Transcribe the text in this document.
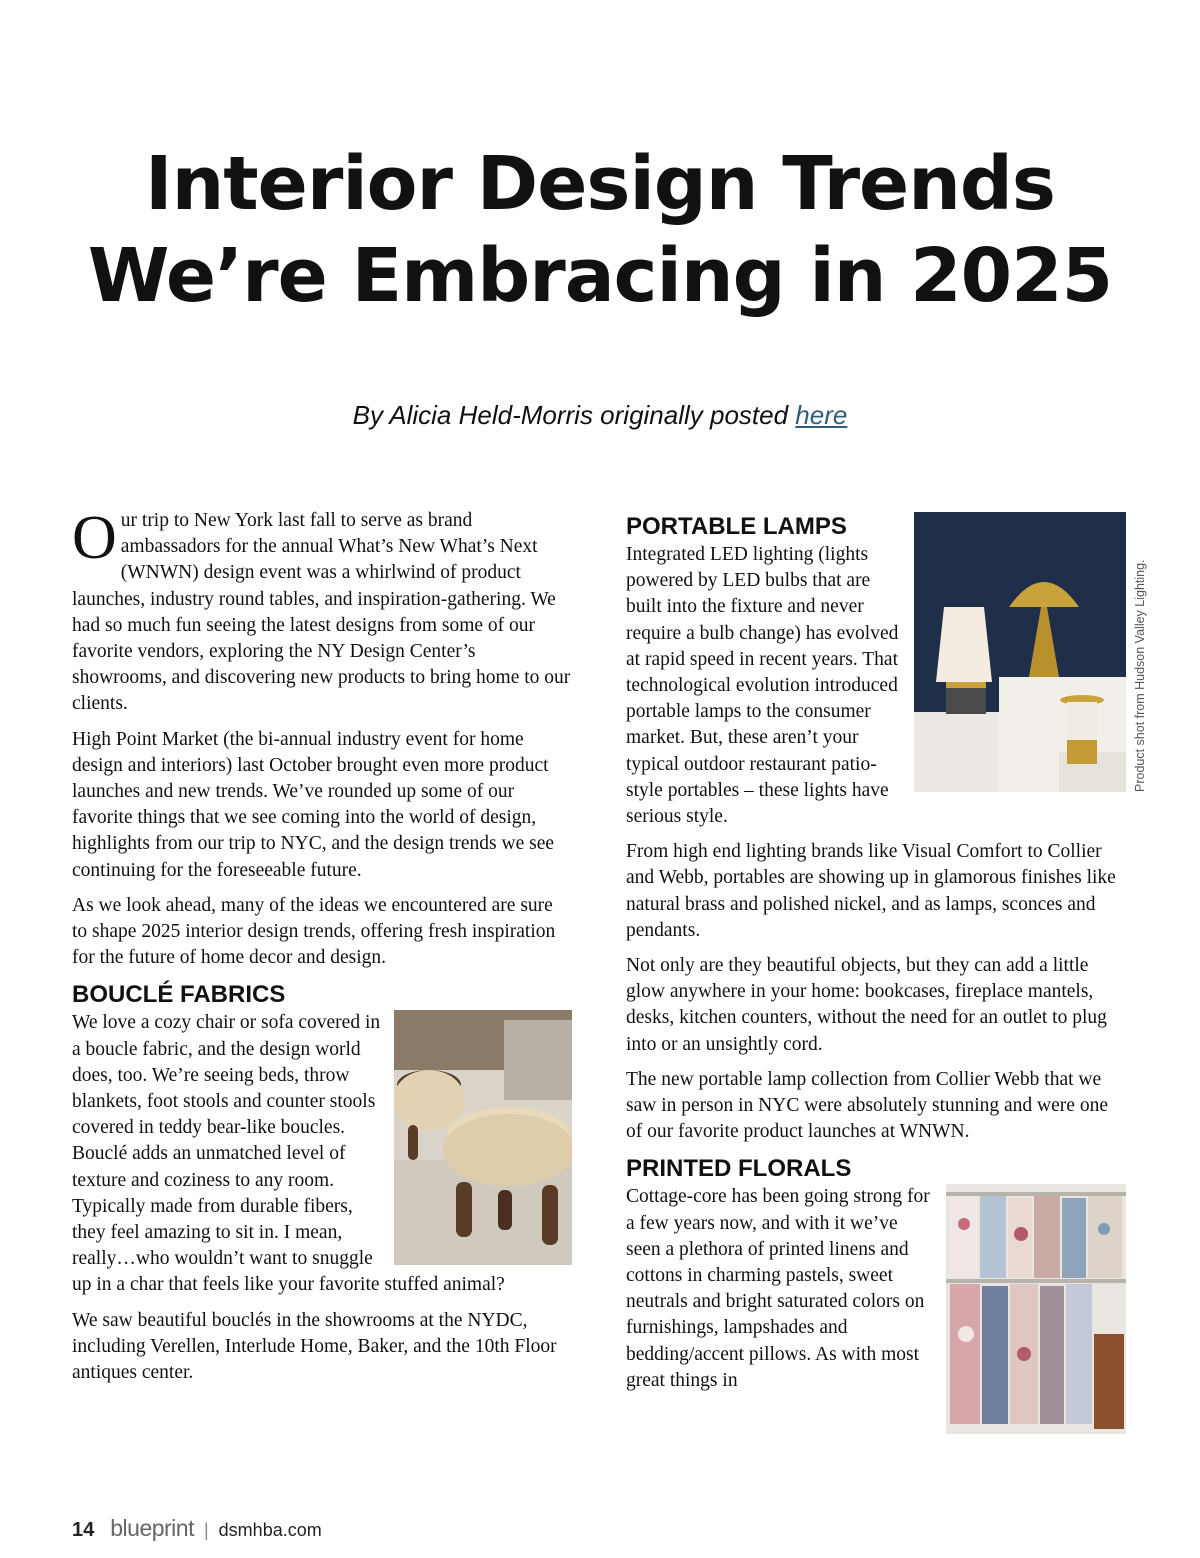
Interior Design Trends
We’re Embracing in 2025
By Alicia Held-Morris originally posted here

Our trip to New York last fall to serve as brand ambassadors for the annual What’s New What’s Next (WNWN) design event was a whirlwind of product launches, industry round tables, and inspiration-gathering. We had so much fun seeing the latest designs from some of our favorite vendors, exploring the NY Design Center’s showrooms, and discovering new products to bring home to our clients.

High Point Market (the bi-annual industry event for home design and interiors) last October brought even more product launches and new trends. We’ve rounded up some of our favorite things that we see coming into the world of design, highlights from our trip to NYC, and the design trends we see continuing for the foreseeable future.

As we look ahead, many of the ideas we encountered are sure to shape 2025 interior design trends, offering fresh inspiration for the future of home decor and design.

BOUCLÉ FABRICS

We love a cozy chair or sofa covered in a boucle fabric, and the design world does, too. We’re seeing beds, throw blankets, foot stools and counter stools covered in teddy bear-like boucles. Bouclé adds an unmatched level of texture and coziness to any room. Typically made from durable fibers, they feel amazing to sit in. I mean, really…who wouldn’t want to snuggle up in a char that feels like your favorite stuffed animal?

We saw beautiful bouclés in the showrooms at the NYDC, including Verellen, Interlude Home, Baker, and the 10th Floor antiques center.

PORTABLE LAMPS

Integrated LED lighting (lights powered by LED bulbs that are built into the fixture and never require a bulb change) has evolved at rapid speed in recent years. That technological evolution introduced portable lamps to the consumer market. But, these aren’t your typical outdoor restaurant patio-style portables – these lights have serious style.

From high end lighting brands like Visual Comfort to Collier and Webb, portables are showing up in glamorous finishes like natural brass and polished nickel, and as lamps, sconces and pendants.

Not only are they beautiful objects, but they can add a little glow anywhere in your home: bookcases, fireplace mantels, desks, kitchen counters, without the need for an outlet to plug into or an unsightly cord.

The new portable lamp collection from Collier Webb that we saw in person in NYC were absolutely stunning and were one of our favorite product launches at WNWN.

PRINTED FLORALS

Cottage-core has been going strong for a few years now, and with it we’ve seen a plethora of printed linens and cottons in charming pastels, sweet neutrals and bright saturated colors on furnishings, lampshades and bedding/accent pillows. As with most great things in

Product shot from Hudson Valley Lighting.
14 blueprint | dsmhba.com
